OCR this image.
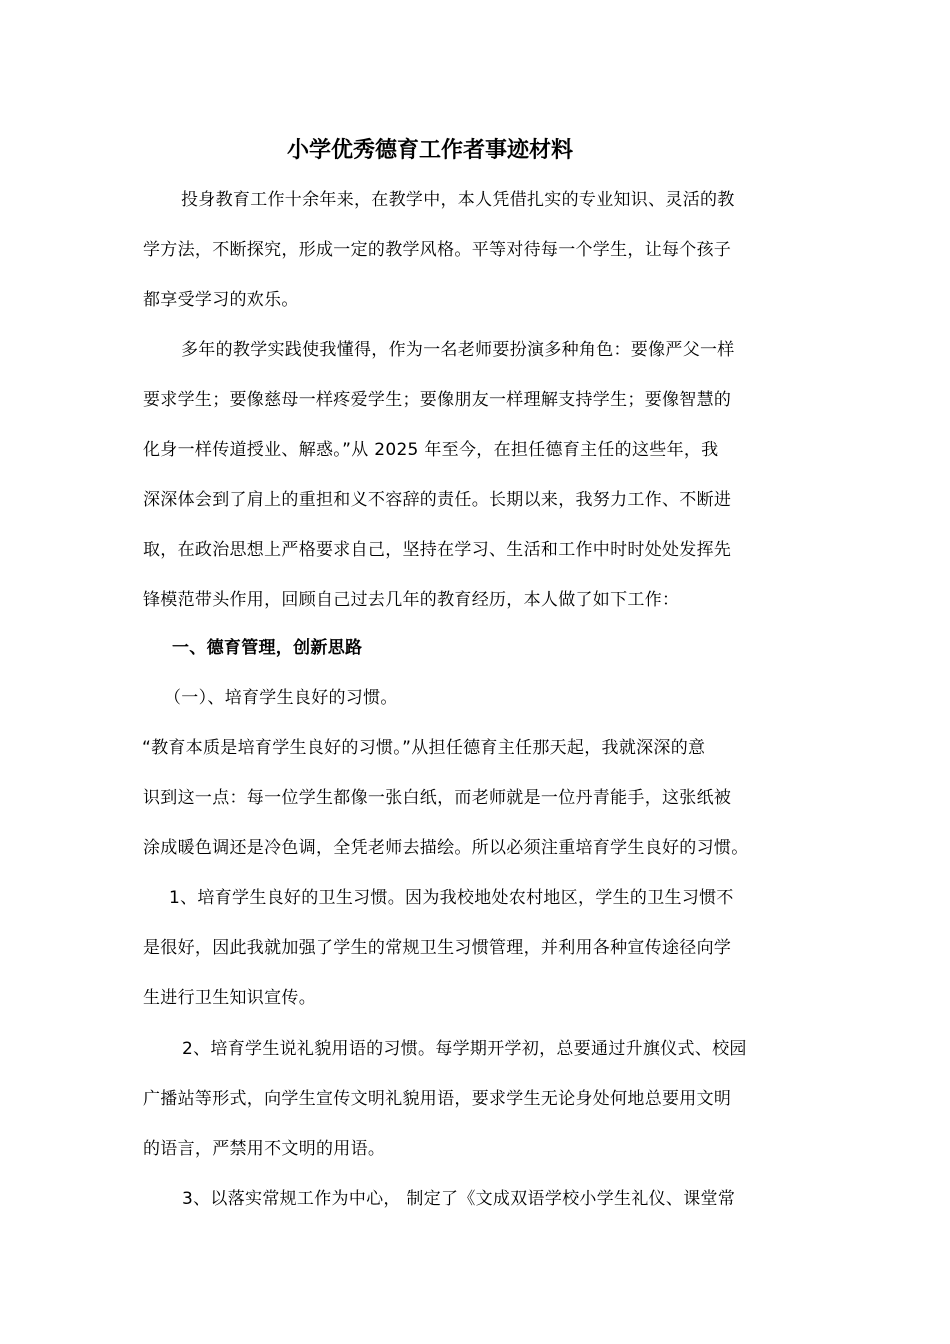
小学优秀德育工作者事迹材料
投身教育工作十余年来，在教学中，本人凭借扎实的专业知识、灵活的教
学方法，不断探究，形成一定的教学风格。平等对待每一个学生，让每个孩子
都享受学习的欢乐。
多年的教学实践使我懂得，作为一名老师要扮演多种角色：要像严父一样
要求学生；要像慈母一样疼爱学生；要像朋友一样理解支持学生；要像智慧的
化身一样传道授业、解惑。”从 2025 年至今，在担任德育主任的这些年，我
深深体会到了肩上的重担和义不容辞的责任。长期以来，我努力工作、不断进
取，在政治思想上严格要求自己，坚持在学习、生活和工作中时时处处发挥先
锋模范带头作用，回顾自己过去几年的教育经历，本人做了如下工作：
一、德育管理，创新思路
（一）、培育学生良好的习惯。
“教育本质是培育学生良好的习惯。”从担任德育主任那天起，我就深深的意
识到这一点：每一位学生都像一张白纸，而老师就是一位丹青能手，这张纸被
涂成暖色调还是冷色调，全凭老师去描绘。所以必须注重培育学生良好的习惯。
1、培育学生良好的卫生习惯。因为我校地处农村地区，学生的卫生习惯不
是很好，因此我就加强了学生的常规卫生习惯管理，并利用各种宣传途径向学
生进行卫生知识宣传。
2、培育学生说礼貌用语的习惯。每学期开学初，总要通过升旗仪式、校园
广播站等形式，向学生宣传文明礼貌用语，要求学生无论身处何地总要用文明
的语言，严禁用不文明的用语。
3、以落实常规工作为中心， 制定了《文成双语学校小学生礼仪、课堂常
